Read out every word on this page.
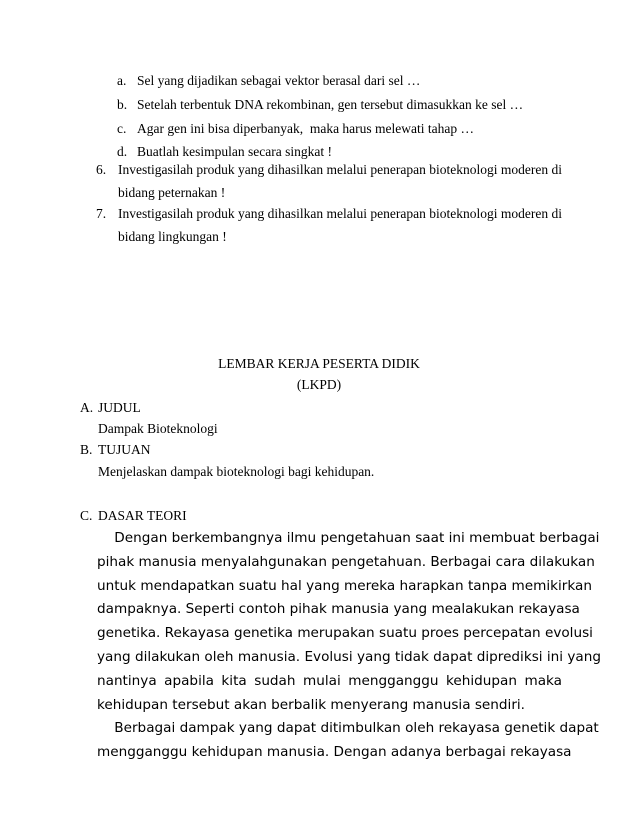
a. Sel yang dijadikan sebagai vektor berasal dari sel …
b. Setelah terbentuk DNA rekombinan, gen tersebut dimasukkan ke sel …
c. Agar gen ini bisa diperbanyak,  maka harus melewati tahap …
d. Buatlah kesimpulan secara singkat !
6. Investigasilah produk yang dihasilkan melalui penerapan bioteknologi moderen di
bidang peternakan !
7. Investigasilah produk yang dihasilkan melalui penerapan bioteknologi moderen di
bidang lingkungan !
LEMBAR KERJA PESERTA DIDIK
(LKPD)
A. JUDUL
Dampak Bioteknologi
B. TUJUAN
Menjelaskan dampak bioteknologi bagi kehidupan.
C. DASAR TEORI
Dengan berkembangnya ilmu pengetahuan saat ini membuat berbagai
pihak manusia menyalahgunakan pengetahuan. Berbagai cara dilakukan
untuk mendapatkan suatu hal yang mereka harapkan tanpa memikirkan
dampaknya. Seperti contoh pihak manusia yang mealakukan rekayasa
genetika. Rekayasa genetika merupakan suatu proes percepatan evolusi
yang dilakukan oleh manusia. Evolusi yang tidak dapat diprediksi ini yang
nantinya apabila kita sudah mulai mengganggu kehidupan maka
kehidupan tersebut akan berbalik menyerang manusia sendiri.
Berbagai dampak yang dapat ditimbulkan oleh rekayasa genetik dapat
mengganggu kehidupan manusia. Dengan adanya berbagai rekayasa
